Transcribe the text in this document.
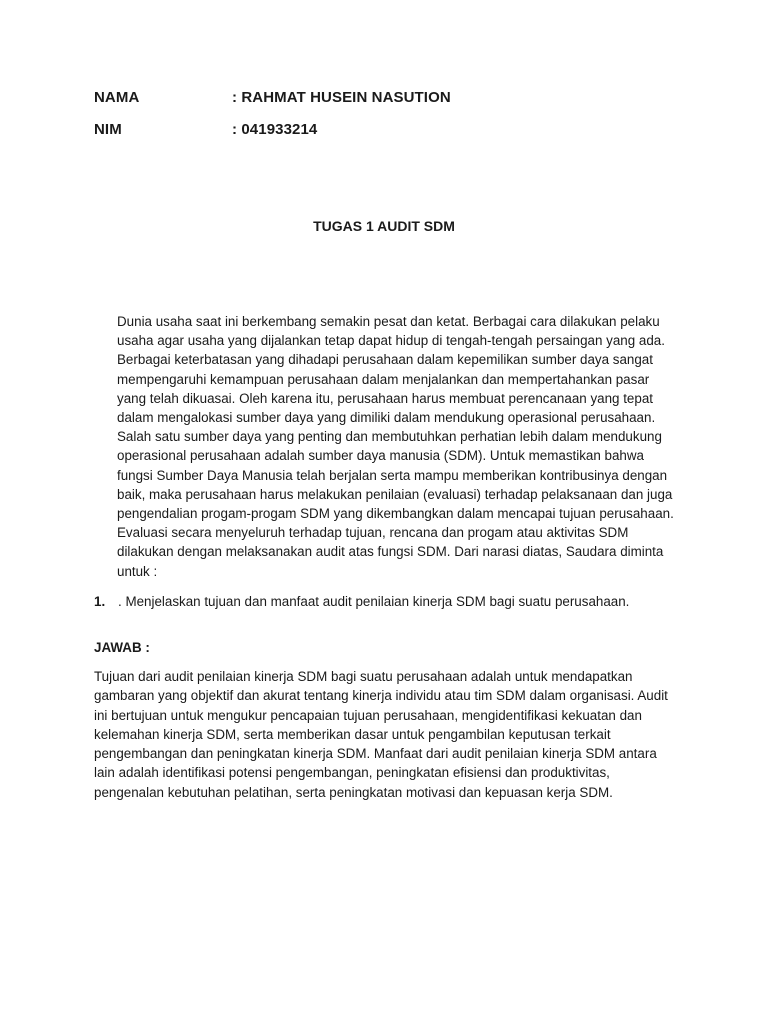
NAMA	: RAHMAT HUSEIN NASUTION
NIM	: 041933214
TUGAS 1 AUDIT SDM

Dunia usaha saat ini berkembang semakin pesat dan ketat. Berbagai cara dilakukan pelaku usaha agar usaha yang dijalankan tetap dapat hidup di tengah-tengah persaingan yang ada. Berbagai keterbatasan yang dihadapi perusahaan dalam kepemilikan sumber daya sangat mempengaruhi kemampuan perusahaan dalam menjalankan dan mempertahankan pasar yang telah dikuasai. Oleh karena itu, perusahaan harus membuat perencanaan yang tepat dalam mengalokasi sumber daya yang dimiliki dalam mendukung operasional perusahaan. Salah satu sumber daya yang penting dan membutuhkan perhatian lebih dalam mendukung operasional perusahaan adalah sumber daya manusia (SDM). Untuk memastikan bahwa fungsi Sumber Daya Manusia telah berjalan serta mampu memberikan kontribusinya dengan baik, maka perusahaan harus melakukan penilaian (evaluasi) terhadap pelaksanaan dan juga pengendalian progam-progam SDM yang dikembangkan dalam mencapai tujuan perusahaan. Evaluasi secara menyeluruh terhadap tujuan, rencana dan progam atau aktivitas SDM dilakukan dengan melaksanakan audit atas fungsi SDM. Dari narasi diatas, Saudara diminta untuk :

1. . Menjelaskan tujuan dan manfaat audit penilaian kinerja SDM bagi suatu perusahaan.
JAWAB :

Tujuan dari audit penilaian kinerja SDM bagi suatu perusahaan adalah untuk mendapatkan gambaran yang objektif dan akurat tentang kinerja individu atau tim SDM dalam organisasi. Audit ini bertujuan untuk mengukur pencapaian tujuan perusahaan, mengidentifikasi kekuatan dan kelemahan kinerja SDM, serta memberikan dasar untuk pengambilan keputusan terkait pengembangan dan peningkatan kinerja SDM. Manfaat dari audit penilaian kinerja SDM antara lain adalah identifikasi potensi pengembangan, peningkatan efisiensi dan produktivitas, pengenalan kebutuhan pelatihan, serta peningkatan motivasi dan kepuasan kerja SDM.
